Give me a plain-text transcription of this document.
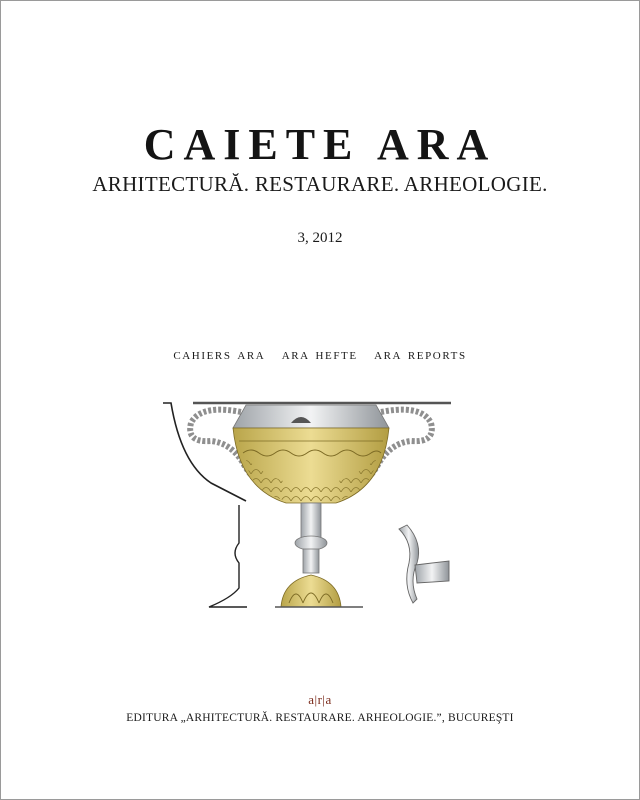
CAIETE ARA
ARHITECTURĂ. RESTAURARE. ARHEOLOGIE.
3, 2012
CAHIERS ARA ARA HEFTE ARA REPORTS
a|r|a
EDITURA „ARHITECTURĂ. RESTAURARE. ARHEOLOGIE.”, BUCUREŞTI
